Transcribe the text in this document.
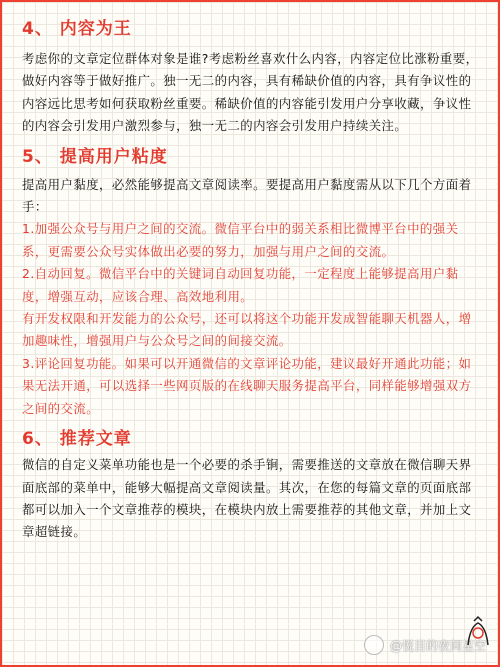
4、 内容为王

考虑你的文章定位群体对象是谁?考虑粉丝喜欢什么内容，内容定位比涨粉重要，做好内容等于做好推广。独一无二的内容，具有稀缺价值的内容，具有争议性的内容远比思考如何获取粉丝重要。稀缺价值的内容能引发用户分享收藏，争议性的内容会引发用户激烈参与，独一无二的内容会引发用户持续关注。

5、 提高用户粘度

提高用户黏度，必然能够提高文章阅读率。要提高用户黏度需从以下几个方面着手：

1.加强公众号与用户之间的交流。微信平台中的弱关系相比微博平台中的强关系，更需要公众号实体做出必要的努力，加强与用户之间的交流。

2.自动回复。微信平台中的关键词自动回复功能，一定程度上能够提高用户黏度，增强互动，应该合理、高效地利用。

有开发权限和开发能力的公众号，还可以将这个功能开发成智能聊天机器人，增加趣味性，增强用户与公众号之间的间接交流。

3.评论回复功能。如果可以开通微信的文章评论功能，建议最好开通此功能；如果无法开通，可以选择一些网页版的在线聊天服务提高平台，同样能够增强双方之间的交流。

6、 推荐文章

微信的自定义菜单功能也是一个必要的杀手锏，需要推送的文章放在微信聊天界面底部的菜单中，能够大幅提高文章阅读量。其次，在您的每篇文章的页面底部都可以加入一个文章推荐的模块，在模块内放上需要推荐的其他文章，并加上文章超链接。

@悦目的夜间星空
